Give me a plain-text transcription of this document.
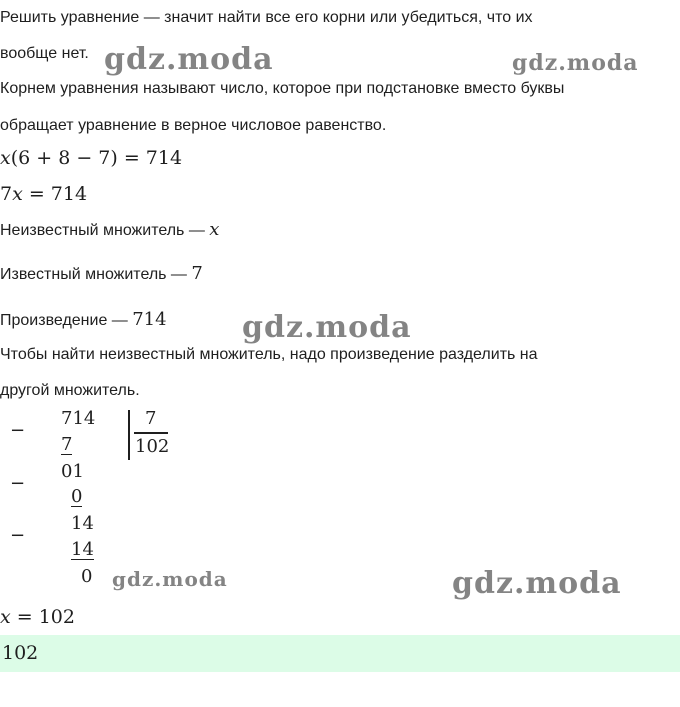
Решить уравнение — значит найти все его корни или убедиться, что их
вообще нет.
Корнем уравнения называют число, которое при подстановке вместо буквы
обращает уравнение в верное числовое равенство.
x(6 + 8 − 7) = 714
7x = 714
Неизвестный множитель — x
Известный множитель — 7
Произведение — 714
Чтобы найти неизвестный множитель, надо произведение разделить на
другой множитель.
−
714
7
7
102
01
−
0
14
−
14
0
x = 102
102
gdz.moda	gdz.moda
gdz.moda
gdz.moda	gdz.moda
